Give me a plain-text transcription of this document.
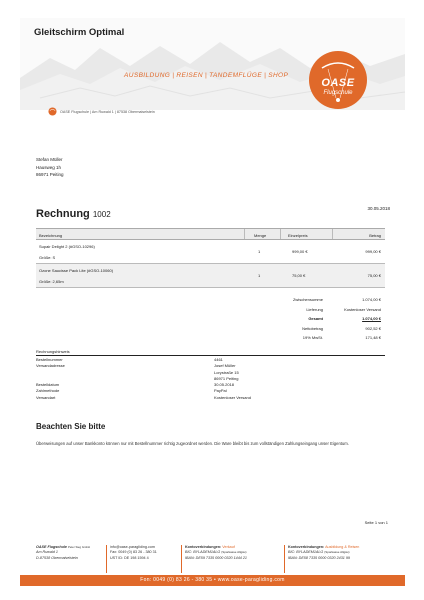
Gleitschirm Optimal
AUSBILDUNG | REISEN | TANDEMFLÜGE | SHOP
OASE
Flugschule
OASE Flugschule | Am Ruwald 1 | 87538 Obermaiselstein
Stefan Müller
Hausweg 1h
86971 Peiting
30.05.2018
Rechnung 1002
Bezeichnung	Menge	Einzelpreis	Betrag
Supair Delight 2 (#GSO-10296)
Größe: S
1	999,00 €	999,00 €
Ozone Saucisse Pack Lite (#GSO-10060)
Größe: 2,65m
1	75,00 €	75,00 €
Zwischensumme	1.074,00 €
Lieferung	Kostenloser Versand
Gesamt	1.074,00 €
Nettobetrag	902,52 €
19% MwSt.	171,48 €
Rechnungshinweis
Bestellnummer	4461
Versandadresse	Josef Müller
Lorystraße 15
86971 Peiting
Bestelldatum	30.05.2018
Zahlmethode	PayPal
Versandart	Kostenloser Versand
Beachten Sie bitte
Überweisungen auf unser Bankkonto können nur mit Bestellnummer richtig zugeordnet werden. Die Ware bleibt bis zum vollständigen Zahlungseingang unser Eigentum.
Seite 1 von 1
OASE Flugschule Peter Sieg GmbH
Am Ruwald 1
D-87538 Obermaiselstein
info@oase-paragliding.com
Fax: 0049 (0) 83 26 - 380 31
UST ID: DE 198 1594 4
Kontoverbindungen: Verkauf
BIC: BYLADEM1ALG (Sparkasse Allgäu)
IBAN: DE59 7335 0000 0320 1444 21
Kontoverbindungen: Ausbildung & Reisen
BIC: BYLADEM1ALG (Sparkasse Allgäu)
IBAN: DE58 7335 0000 0320 2431 99
Fon: 0049 (0) 83 26 - 380 35 • www.oase-paragliding.com
